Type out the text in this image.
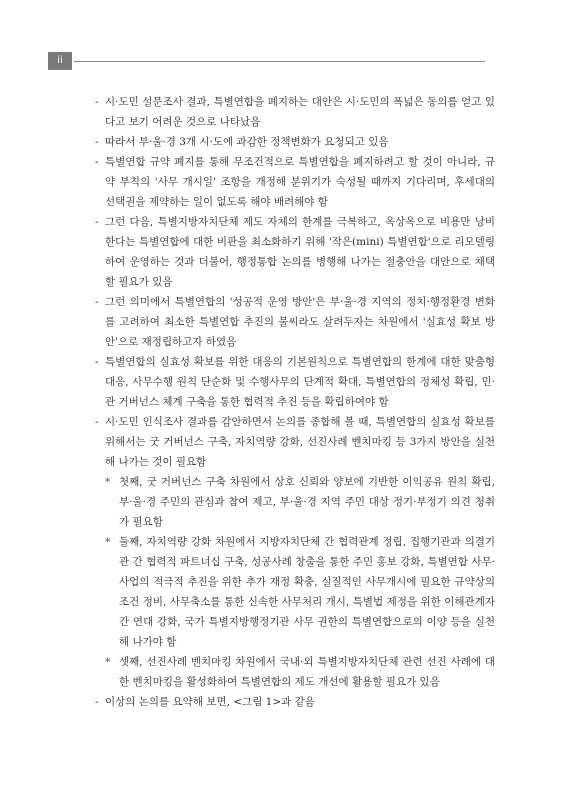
ii

- 시·도민 설문조사 결과, 특별연합을 폐지하는 대안은 시·도민의 폭넓은 동의를 얻고 있다고 보기 어려운 것으로 나타났음

- 따라서 부·울·경 3개 시·도에 과감한 정책변화가 요청되고 있음

- 특별연합 규약 폐지를 통해 무조건적으로 특별연합을 폐지하려고 할 것이 아니라, 규약 부칙의 '사무 개시일' 조항을 개정해 분위기가 숙성될 때까지 기다리며, 후세대의 선택권을 제약하는 일이 없도록 해야 배려해야 함

- 그런 다음, 특별지방자치단체 제도 자체의 한계를 극복하고, 옥상옥으로 비용만 낭비한다는 특별연합에 대한 비판을 최소화하기 위해 '작은(mini) 특별연합'으로 리모델링하여 운영하는 것과 더불어, 행정통합 논의를 병행해 나가는 절충안을 대안으로 채택할 필요가 있음

- 그런 의미에서 특별연합의 '성공적 운영 방안'은 부·울·경 지역의 정치·행정환경 변화를 고려하여 최소한 특별연합 추진의 불씨라도 살려두자는 차원에서 '실효성 확보 방안'으로 재정립하고자 하였음

- 특별연합의 실효성 확보를 위한 대응의 기본원칙으로 특별연합의 한계에 대한 맞춤형 대응, 사무수행 원칙 단순화 및 수행사무의 단계적 확대, 특별연합의 정체성 확립, 민·관 거버넌스 체계 구축을 통한 협력적 추진 등을 확립하여야 함

- 시·도민 인식조사 결과를 감안하면서 논의를 종합해 볼 때, 특별연합의 실효성 확보를 위해서는 굿 거버넌스 구축, 자치역량 강화, 선진사례 벤치마킹 등 3가지 방안을 실천해 나가는 것이 필요함

* 첫째, 굿 거버넌스 구축 차원에서 상호 신뢰와 양보에 기반한 이익공유 원칙 확립, 부·울·경 주민의 관심과 참여 제고, 부·울·경 지역 주민 대상 정기·부정기 의견 청취가 필요함

* 둘째, 자치역량 강화 차원에서 지방자치단체 간 협력관계 정립, 집행기관과 의결기관 간 협력적 파트너십 구축, 성공사례 창출을 통한 주민 홍보 강화, 특별연합 사무·사업의 적극적 추진을 위한 추가 재정 확충, 실질적인 사무개시에 필요한 규약상의 조건 정비, 사무축소를 통한 신속한 사무처리 개시, 특별법 제정을 위한 이해관계자 간 연대 강화, 국가 특별지방행정기관 사무 권한의 특별연합으로의 이양 등을 실천해 나가야 함

* 셋째, 선진사례 벤치마킹 차원에서 국내·외 특별지방자치단체 관련 선진 사례에 대한 벤치마킹을 활성화하여 특별연합의 제도 개선에 활용할 필요가 있음

- 이상의 논의를 요약해 보면, <그림 1>과 같음
